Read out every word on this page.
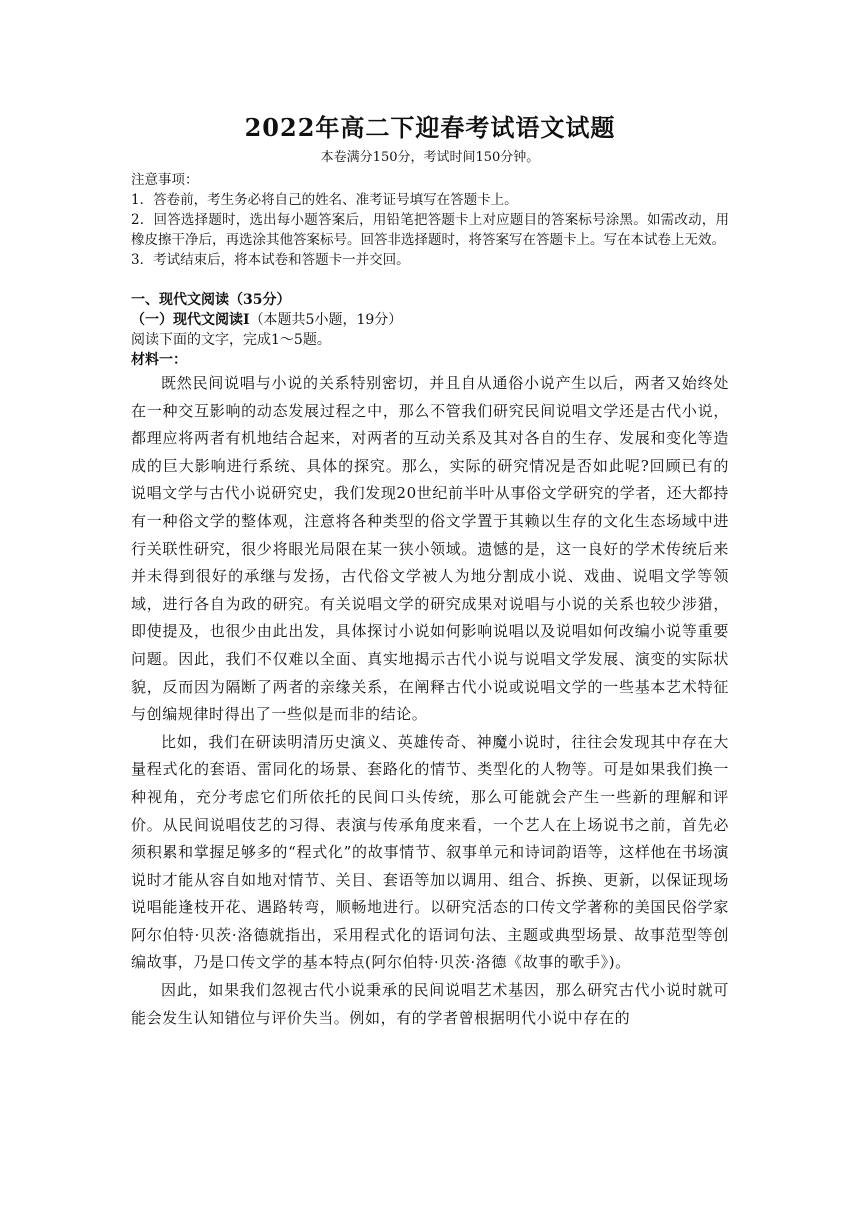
2022年高二下迎春考试语文试题

本卷满分150分，考试时间150分钟。

注意事项：

1．答卷前，考生务必将自己的姓名、准考证号填写在答题卡上。

2．回答选择题时，选出每小题答案后，用铅笔把答题卡上对应题目的答案标号涂黑。如需改动，用橡皮擦干净后，再选涂其他答案标号。回答非选择题时，将答案写在答题卡上。写在本试卷上无效。

3．考试结束后，将本试卷和答题卡一并交回。

一、现代文阅读（35分）

（一）现代文阅读Ⅰ（本题共5小题，19分）

阅读下面的文字，完成1～5题。

材料一：

既然民间说唱与小说的关系特别密切，并且自从通俗小说产生以后，两者又始终处在一种交互影响的动态发展过程之中，那么不管我们研究民间说唱文学还是古代小说，都理应将两者有机地结合起来，对两者的互动关系及其对各自的生存、发展和变化等造成的巨大影响进行系统、具体的探究。那么，实际的研究情况是否如此呢?回顾已有的说唱文学与古代小说研究史，我们发现20世纪前半叶从事俗文学研究的学者，还大都持有一种俗文学的整体观，注意将各种类型的俗文学置于其赖以生存的文化生态场域中进行关联性研究，很少将眼光局限在某一狭小领域。遗憾的是，这一良好的学术传统后来并未得到很好的承继与发扬，古代俗文学被人为地分割成小说、戏曲、说唱文学等领域，进行各自为政的研究。有关说唱文学的研究成果对说唱与小说的关系也较少涉猎，即使提及，也很少由此出发，具体探讨小说如何影响说唱以及说唱如何改编小说等重要问题。因此，我们不仅难以全面、真实地揭示古代小说与说唱文学发展、演变的实际状貌，反而因为隔断了两者的亲缘关系，在阐释古代小说或说唱文学的一些基本艺术特征与创编规律时得出了一些似是而非的结论。

比如，我们在研读明清历史演义、英雄传奇、神魔小说时，往往会发现其中存在大量程式化的套语、雷同化的场景、套路化的情节、类型化的人物等。可是如果我们换一种视角，充分考虑它们所依托的民间口头传统，那么可能就会产生一些新的理解和评价。从民间说唱伎艺的习得、表演与传承角度来看，一个艺人在上场说书之前，首先必须积累和掌握足够多的“程式化”的故事情节、叙事单元和诗词韵语等，这样他在书场演说时才能从容自如地对情节、关目、套语等加以调用、组合、拆换、更新，以保证现场说唱能逢枝开花、遇路转弯，顺畅地进行。以研究活态的口传文学著称的美国民俗学家阿尔伯特·贝茨·洛德就指出，采用程式化的语词句法、主题或典型场景、故事范型等创编故事，乃是口传文学的基本特点(阿尔伯特·贝茨·洛德《故事的歌手》)。

因此，如果我们忽视古代小说秉承的民间说唱艺术基因，那么研究古代小说时就可能会发生认知错位与评价失当。例如，有的学者曾根据明代小说中存在的
